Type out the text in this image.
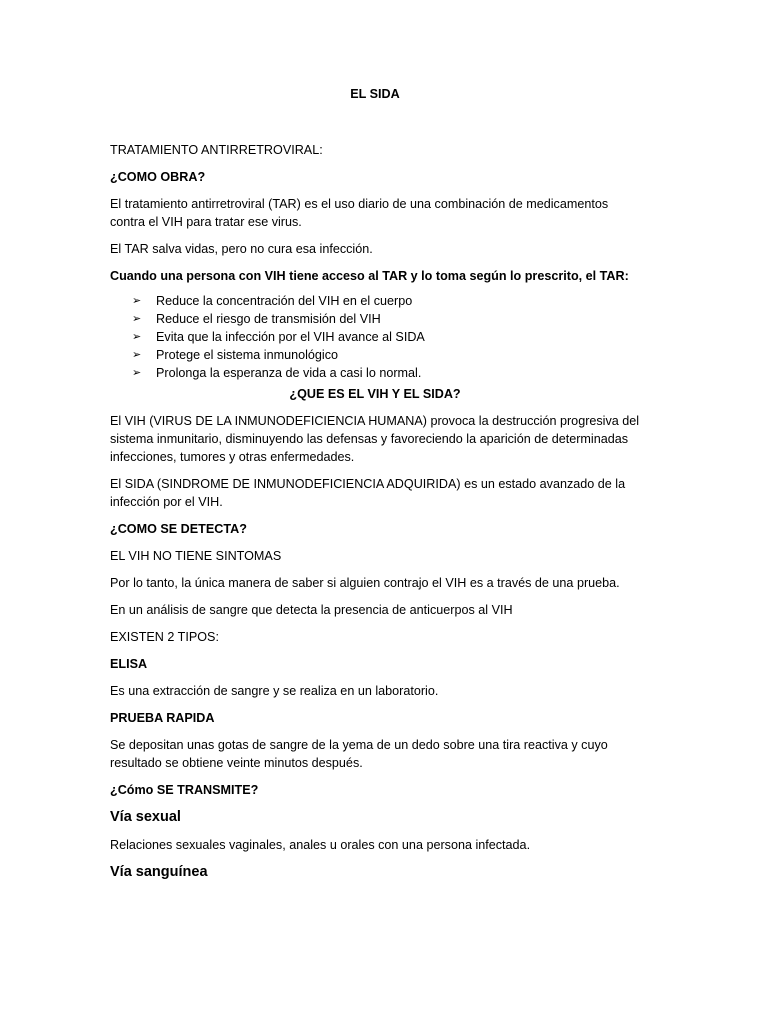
EL SIDA

TRATAMIENTO ANTIRRETROVIRAL:

¿COMO OBRA?

El tratamiento antirretroviral (TAR) es el uso diario de una combinación de medicamentos contra el VIH para tratar ese virus.

El TAR salva vidas, pero no cura esa infección.

Cuando una persona con VIH tiene acceso al TAR y lo toma según lo prescrito, el TAR:

➢ Reduce la concentración del VIH en el cuerpo
➢ Reduce el riesgo de transmisión del VIH
➢ Evita que la infección por el VIH avance al SIDA
➢ Protege el sistema inmunológico
➢ Prolonga la esperanza de vida a casi lo normal.

¿QUE ES EL VIH Y EL SIDA?

El VIH (VIRUS DE LA INMUNODEFICIENCIA HUMANA) provoca la destrucción progresiva del sistema inmunitario, disminuyendo las defensas y favoreciendo la aparición de determinadas infecciones, tumores y otras enfermedades.

El SIDA (SINDROME DE INMUNODEFICIENCIA ADQUIRIDA) es un estado avanzado de la infección por el VIH.

¿COMO SE DETECTA?

EL VIH NO TIENE SINTOMAS

Por lo tanto, la única manera de saber si alguien contrajo el VIH es a través de una prueba.

En un análisis de sangre que detecta la presencia de anticuerpos al VIH

EXISTEN 2 TIPOS:

ELISA

Es una extracción de sangre y se realiza en un laboratorio.

PRUEBA RAPIDA

Se depositan unas gotas de sangre de la yema de un dedo sobre una tira reactiva y cuyo resultado se obtiene veinte minutos después.

¿Cómo SE TRANSMITE?

Vía sexual

Relaciones sexuales vaginales, anales u orales con una persona infectada.

Vía sanguínea
